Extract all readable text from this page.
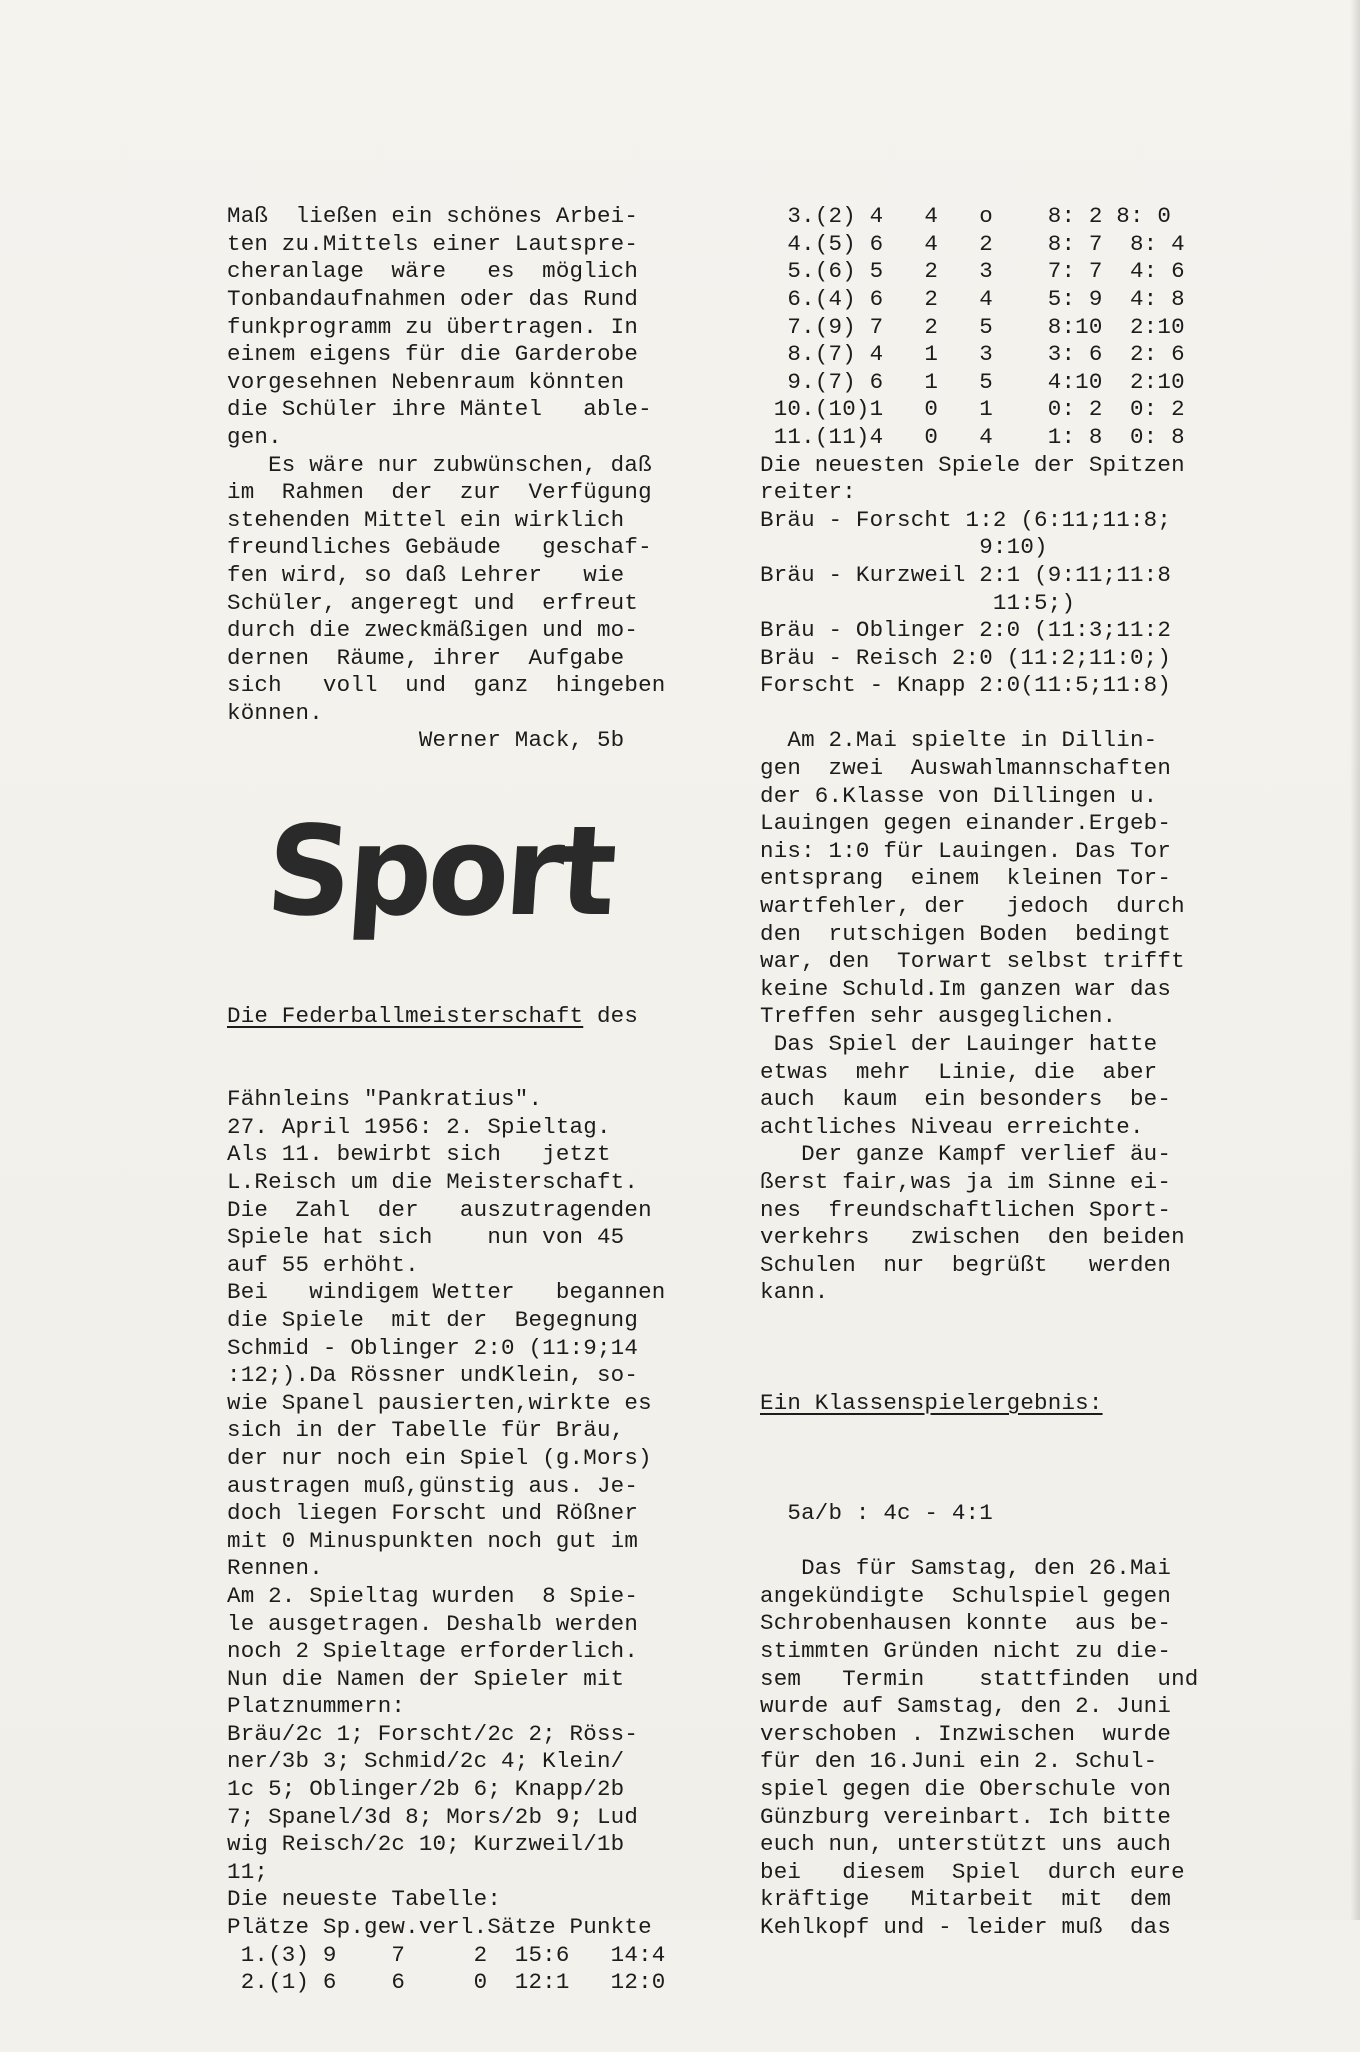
Maß  ließen ein schönes Arbei-
ten zu.Mittels einer Lautspre-
cheranlage  wäre   es  möglich
Tonbandaufnahmen oder das Rund
funkprogramm zu übertragen. In
einem eigens für die Garderobe
vorgesehnen Nebenraum könnten
die Schüler ihre Mäntel   able-
gen.
Es wäre nur zubwünschen, daß
im  Rahmen  der  zur  Verfügung
stehenden Mittel ein wirklich
freundliches Gebäude   geschaf-
fen wird, so daß Lehrer   wie
Schüler, angeregt und  erfreut
durch die zweckmäßigen und mo-
dernen  Räume, ihrer  Aufgabe
sich   voll  und  ganz  hingeben
können.
Werner Mack, 5b

Sport

Die Federballmeisterschaft des

Fähnleins "Pankratius".
27. April 1956: 2. Spieltag.
Als 11. bewirbt sich   jetzt
L.Reisch um die Meisterschaft.
Die  Zahl  der   auszutragenden
Spiele hat sich    nun von 45
auf 55 erhöht.
Bei   windigem Wetter   begannen
die Spiele  mit der  Begegnung
Schmid - Oblinger 2:0 (11:9;14
:12;).Da Rössner undKlein, so-
wie Spanel pausierten,wirkte es
sich in der Tabelle für Bräu,
der nur noch ein Spiel (g.Mors)
austragen muß,günstig aus. Je-
doch liegen Forscht und Rößner
mit 0 Minuspunkten noch gut im
Rennen.
Am 2. Spieltag wurden  8 Spie-
le ausgetragen. Deshalb werden
noch 2 Spieltage erforderlich.
Nun die Namen der Spieler mit
Platznummern:
Bräu/2c 1; Forscht/2c 2; Röss-
ner/3b 3; Schmid/2c 4; Klein/
1c 5; Oblinger/2b 6; Knapp/2b
7; Spanel/3d 8; Mors/2b 9; Lud
wig Reisch/2c 10; Kurzweil/1b
11;
Die neueste Tabelle:
Plätze Sp.gew.verl.Sätze Punkte
1.(3) 9    7     2  15:6   14:4
2.(1) 6    6     0  12:1   12:0

3.(2) 4   4   o    8: 2 8: 0
4.(5) 6   4   2    8: 7  8: 4
5.(6) 5   2   3    7: 7  4: 6
6.(4) 6   2   4    5: 9  4: 8
7.(9) 7   2   5    8:10  2:10
8.(7) 4   1   3    3: 6  2: 6
9.(7) 6   1   5    4:10  2:10
10.(10)1   0   1    0: 2  0: 2
11.(11)4   0   4    1: 8  0: 8
Die neuesten Spiele der Spitzen
reiter:
Bräu - Forscht 1:2 (6:11;11:8;
9:10)
Bräu - Kurzweil 2:1 (9:11;11:8
11:5;)
Bräu - Oblinger 2:0 (11:3;11:2
Bräu - Reisch 2:0 (11:2;11:0;)
Forscht - Knapp 2:0(11:5;11:8)
Am 2.Mai spielte in Dillin-
gen  zwei  Auswahlmannschaften
der 6.Klasse von Dillingen u.
Lauingen gegen einander.Ergeb-
nis: 1:0 für Lauingen. Das Tor
entsprang  einem  kleinen Tor-
wartfehler, der   jedoch  durch
den  rutschigen Boden  bedingt
war, den  Torwart selbst trifft
keine Schuld.Im ganzen war das
Treffen sehr ausgeglichen.
Das Spiel der Lauinger hatte
etwas  mehr  Linie, die  aber
auch  kaum  ein besonders  be-
achtliches Niveau erreichte.
Der ganze Kampf verlief äu-
ßerst fair,was ja im Sinne ei-
nes  freundschaftlichen Sport-
verkehrs   zwischen  den beiden
Schulen  nur  begrüßt   werden
kann.

Ein Klassenspielergebnis:

5a/b : 4c - 4:1
Das für Samstag, den 26.Mai
angekündigte  Schulspiel gegen
Schrobenhausen konnte  aus be-
stimmten Gründen nicht zu die-
sem   Termin    stattfinden  und
wurde auf Samstag, den 2. Juni
verschoben . Inzwischen  wurde
für den 16.Juni ein 2. Schul-
spiel gegen die Oberschule von
Günzburg vereinbart. Ich bitte
euch nun, unterstützt uns auch
bei   diesem  Spiel  durch eure
kräftige   Mitarbeit  mit  dem
Kehlkopf und - leider muß  das
